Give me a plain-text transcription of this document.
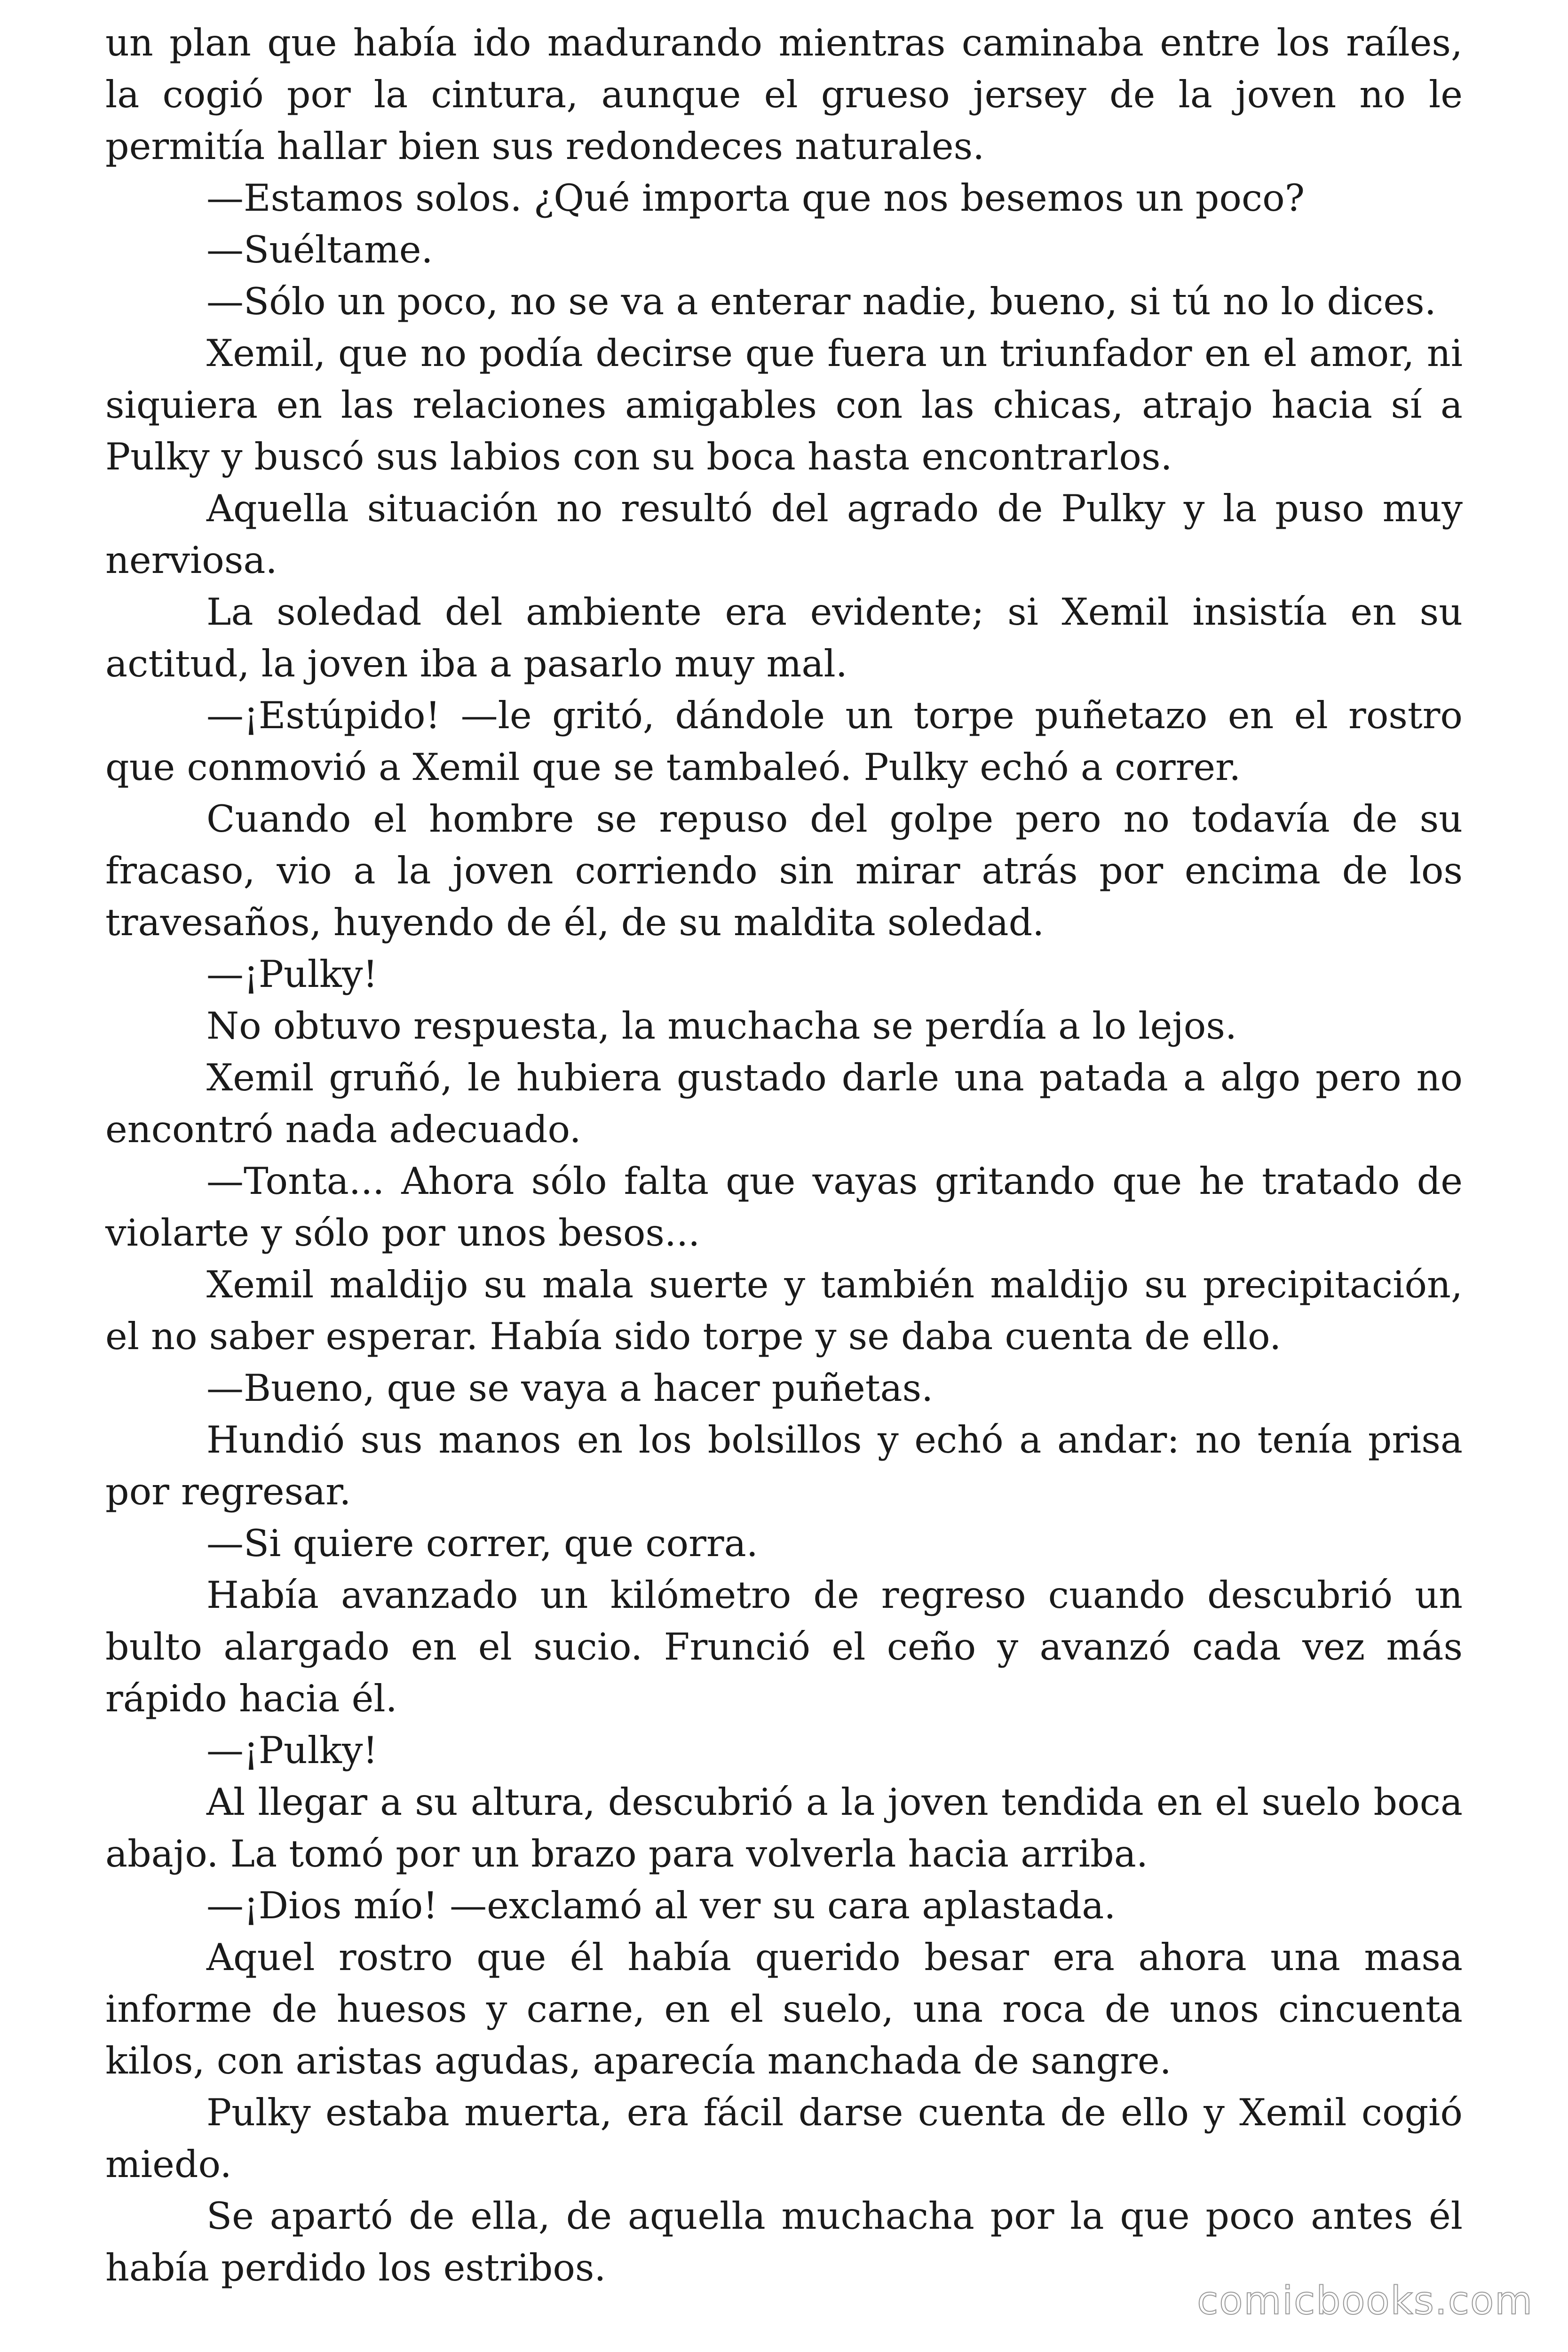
un plan que había ido madurando mientras caminaba entre los raíles, la cogió por la cintura, aunque el grueso jersey de la joven no le permitía hallar bien sus redondeces naturales.

—Estamos solos. ¿Qué importa que nos besemos un poco?

—Suéltame.

—Sólo un poco, no se va a enterar nadie, bueno, si tú no lo dices.

Xemil, que no podía decirse que fuera un triunfador en el amor, ni siquiera en las relaciones amigables con las chicas, atrajo hacia sí a Pulky y buscó sus labios con su boca hasta encontrarlos.

Aquella situación no resultó del agrado de Pulky y la puso muy nerviosa.

La soledad del ambiente era evidente; si Xemil insistía en su actitud, la joven iba a pasarlo muy mal.

—¡Estúpido! —le gritó, dándole un torpe puñetazo en el rostro que conmovió a Xemil que se tambaleó. Pulky echó a correr.

Cuando el hombre se repuso del golpe pero no todavía de su fracaso, vio a la joven corriendo sin mirar atrás por encima de los travesaños, huyendo de él, de su maldita soledad.

—¡Pulky!

No obtuvo respuesta, la muchacha se perdía a lo lejos.

Xemil gruñó, le hubiera gustado darle una patada a algo pero no encontró nada adecuado.

—Tonta... Ahora sólo falta que vayas gritando que he tratado de violarte y sólo por unos besos...

Xemil maldijo su mala suerte y también maldijo su precipitación, el no saber esperar. Había sido torpe y se daba cuenta de ello.

—Bueno, que se vaya a hacer puñetas.

Hundió sus manos en los bolsillos y echó a andar: no tenía prisa por regresar.

—Si quiere correr, que corra.

Había avanzado un kilómetro de regreso cuando descubrió un bulto alargado en el sucio. Frunció el ceño y avanzó cada vez más rápido hacia él.

—¡Pulky!

Al llegar a su altura, descubrió a la joven tendida en el suelo boca abajo. La tomó por un brazo para volverla hacia arriba.

—¡Dios mío! —exclamó al ver su cara aplastada.

Aquel rostro que él había querido besar era ahora una masa informe de huesos y carne, en el suelo, una roca de unos cincuenta kilos, con aristas agudas, aparecía manchada de sangre.

Pulky estaba muerta, era fácil darse cuenta de ello y Xemil cogió miedo.

Se apartó de ella, de aquella muchacha por la que poco antes él había perdido los estribos.

comicbooks.com
